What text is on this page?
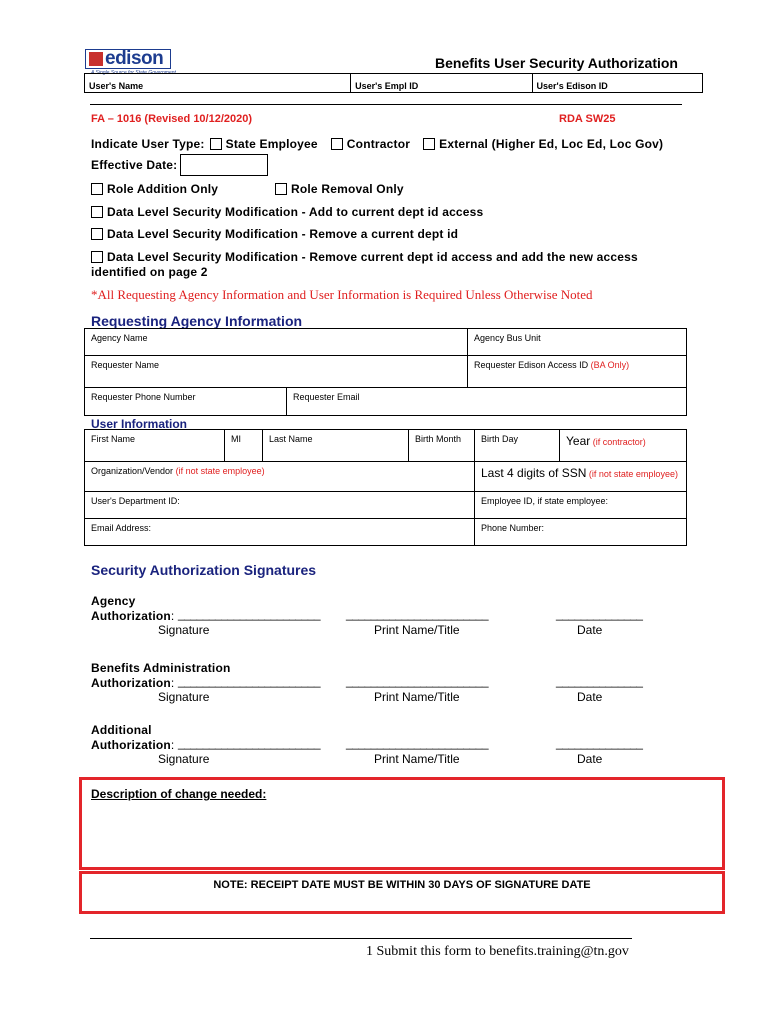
edison
A Single Source for State Government
Benefits User Security Authorization
User's Name	User's Empl ID	User's Edison ID
FA – 1016 (Revised 10/12/2020)	RDA SW25
Indicate User Type: State Employee Contractor External (Higher Ed, Loc Ed, Loc Gov)
Effective Date:
Role Addition Only	Role Removal Only
Data Level Security Modification - Add to current dept id access
Data Level Security Modification - Remove a current dept id
Data Level Security Modification - Remove current dept id access and add the new access
identified on page 2
*All Requesting Agency Information and User Information is Required Unless Otherwise Noted
Requesting Agency Information
Agency Name		Agency Bus Unit
Requester Name		Requester Edison Access ID (BA Only)
Requester Phone Number	Requester Email	
User Information
First Name	MI	Last Name	Birth Month	Birth Day	Year (if contractor)
Organization/Vendor (if not state employee)				Last 4 digits of SSN (if not state employee)	
User's Department ID:				Employee ID, if state employee:	
Email Address:				Phone Number:	
Security Authorization Signatures
Agency
Authorization: _______________________ _______________________	______________
Signature	Print Name/Title	Date
Benefits Administration
Authorization: _______________________ _______________________	______________
Signature	Print Name/Title	Date
Additional
Authorization: _______________________ _______________________	______________
Signature	Print Name/Title	Date
Description of change needed:
NOTE: RECEIPT DATE MUST BE WITHIN 30 DAYS OF SIGNATURE DATE
1 Submit this form to benefits.training@tn.gov
